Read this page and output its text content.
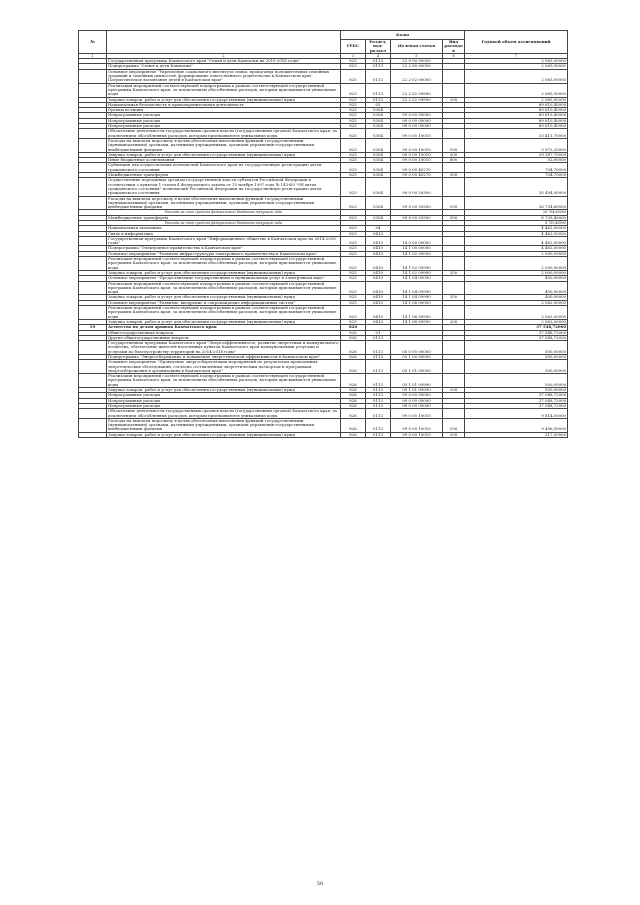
№		Коды				Годовой объем ассигнований
		ГРБС	Раздел, под-раздел	Целевая статья	Вид расходов	
1	2	3	4	5	6	7
	Государственная программа Камчатского края "Семья и дети Камчатки на 2015-2018 годы"	825	0113	22 0 00 00000		2 065,00000
	Подпрограмма "Семья и дети Камчатки"	825	0113	22 2 00 00000		2 065,00000
	Основное мероприятие "Укрепление социального института семьи, пропаганда положительных семейных традиций и семейных ценностей, формирование ответственного родительства в Камчатском крае. Патриотическое воспитание детей в Камчатском крае"	825	0113	22 2 02 00000		2 065,00000
	Реализация мероприятий соответствующей подпрограммы в рамках соответствующей государственной программы Камчатского края, за исключением обособленных расходов, которым присваиваются уникальные коды	825	0113	22 2 02 09990		2 065,00000
	Закупка товаров, работ и услуг для обеспечения государственных (муниципальных) нужд	825	0113	22 2 02 09990	200	2 065,00000
	Национальная безопасность и правоохранительная деятельность	825	03			69 610,40000
	Органы юстиции	825	0304			69 610,40000
	Непрограммные расходы	825	0304	99 0 00 00000		69 610,40000
	Непрограммные расходы	825	0304	99 0 00 00000		69 610,40000
	Непрограммные расходы	825	0304	99 0 00 00000		69 610,40000
	Обеспечение деятельности государственных органов власти (государственных органов) Камчатского края, за исключением обособленных расходов, которым присваиваются уникальные коды	825	0304	99 0 00 10010		33 411,70000
	Расходы на выплаты персоналу в целях обеспечения выполнения функций государственными (муниципальными) органами, казенными учреждениями, органами управления государственными внебюджетными фондами	825	0304	99 0 00 10010	100	3 972,20000
	Закупка товаров, работ и услуг для обеспечения государственных (муниципальных) нужд	825	0304	99 0 00 10010	200	29 387,70000
	Иные бюджетные ассигнования	825	0304	99 0 00 10010	800	52,00000
	Субвенция для осуществления полномочий Камчатского края на государственную регистрацию актов гражданского состояния	825	0304	99 0 00 40270		704,70000
	Межбюджетные трансферты	825	0304	99 0 00 40270	500	704,70000
	Осуществление переданных органам государственной власти субъектов Российской Федерации в соответствии с пунктом 1 статьи 4 Федерального закона от 15 ноября 1997 года № 143-ФЗ "Об актах гражданского состояния" полномочий Российской Федерации на государственную регистрацию актов гражданского состояния	825	0304	99 0 00 59300		35 494,00000
	Расходы на выплаты персоналу в целях обеспечения выполнения функций государственными (муниципальными) органами, казенными учреждениями, органами управления государственными внебюджетными фондами	825	0304	99 0 00 59300	100	26 754,60000
	Расходы за счет средств федерального бюджета текущего года					26 754,60000
	Межбюджетные трансферты	825	0304	99 0 00 59300	500	8 739,40000
	Расходы за счет средств федерального бюджета текущего года					8 739,40000
	Национальная экономика	825	04			4 462,00000
	Связь и информатика	825	0410			4 462,00000
	Государственная программа Камчатского края "Информационное общество в Камчатском крае на 2014-2018 годы"	825	0410	14 0 00 00000		4 462,00000
	Подпрограмма "Электронное правительство в Камчатском крае"	825	0410	14 1 00 00000		4 462,00000
	Основное мероприятие "Развитие инфраструктуры электронного правительства в Камчатском крае"	825	0410	14 1 02 00000		2 000,00000
	Реализация мероприятий соответствующей подпрограммы в рамках соответствующей государственной программы Камчатского края, за исключением обособленных расходов, которым присваиваются уникальные коды	825	0410	14 1 02 09990		2 000,00000
	Закупка товаров, работ и услуг для обеспечения государственных (муниципальных) нужд	825	0410	14 1 02 09990	200	2 000,00000
	Основное мероприятие "Предоставление государственных и муниципальных услуг в электронном виде"	825	0410	14 1 04 00000		400,00000
	Реализация мероприятий соответствующей подпрограммы в рамках соответствующей государственной программы Камчатского края, за исключением обособленных расходов, которым присваиваются уникальные коды	825	0410	14 1 04 09990		400,00000
	Закупка товаров, работ и услуг для обеспечения государственных (муниципальных) нужд	825	0410	14 1 04 09990	200	400,00000
	Основное мероприятие "Развитие, внедрение и сопровождение информационных систем"	825	0410	14 1 06 00000		2 062,00000
	Реализация мероприятий соответствующей подпрограммы в рамках соответствующей государственной программы Камчатского края, за исключением обособленных расходов, которым присваиваются уникальные коды	825	0410	14 1 06 09990		2 062,00000
	Закупка товаров, работ и услуг для обеспечения государственных (муниципальных) нужд	825	0410	14 1 06 09990	200	2 062,00000
19	Агентство по делам архивов Камчатского края	826				37 548,72000
	Общегосударственные вопросы	826	01			37 548,72000
	Другие общегосударственные вопросы	826	0113			37 548,72000
	Государственная программа Камчатского края "Энергоэффективность, развитие энергетики и коммунального хозяйства, обеспечение жителей населенных пунктов Камчатского края коммунальными услугами и услугами по благоустройству территорий на 2014-2018 годы"	826	0113	05 0 00 00000		500,00000
	Подпрограмма "Энергосбережение и повышение энергетической эффективности в Камчатском крае"	826	0113	05 1 00 00000		500,00000
	Основное мероприятие "Проведение энергосберегающих мероприятий по результатам проведенных энергетических обследований, согласно составленным энергетическим паспортам и программам энергосбережения в организациях в Камчатском крае"	826	0113	05 1 01 00000		500,00000
	Реализация мероприятий соответствующей подпрограммы в рамках соответствующей государственной программы Камчатского края, за исключением обособленных расходов, которым присваиваются уникальные коды	826	0113	05 1 01 09990		500,00000
	Закупка товаров, работ и услуг для обеспечения государственных (муниципальных) нужд	826	0113	05 1 01 09990	200	500,00000
	Непрограммные расходы	826	0113	99 0 00 00000		37 048,72000
	Непрограммные расходы	826	0113	99 0 00 00000		37 048,72000
	Непрограммные расходы	826	0113	99 0 00 00000		37 048,72000
	Обеспечение деятельности государственных органов власти (государственных органов) Камчатского края, за исключением обособленных расходов, которым присваиваются уникальные коды	826	0113	99 0 00 10010		9 814,50000
	Расходы на выплаты персоналу в целях обеспечения выполнения функций государственными (муниципальными) органами, казенными учреждениями, органами управления государственными внебюджетными фондами	826	0113	99 0 00 10010	100	9 496,50000
	Закупка товаров, работ и услуг для обеспечения государственных (муниципальных) нужд	826	0113	99 0 00 10010	200	317,50000
50
